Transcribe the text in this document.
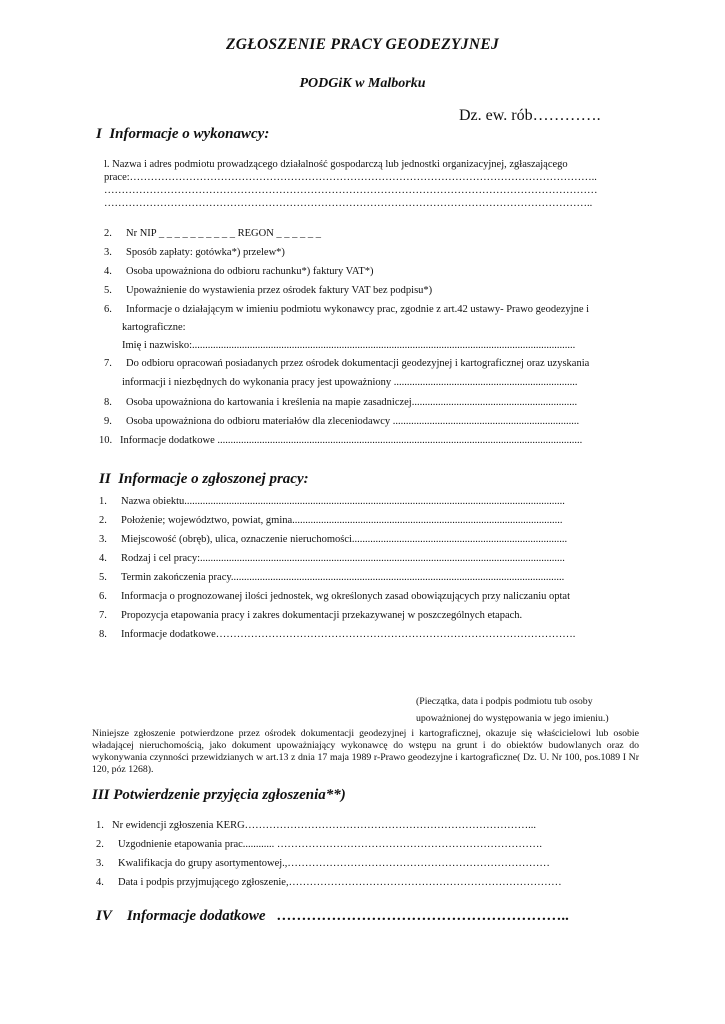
ZGŁOSZENIE PRACY GEODEZYJNEJ
PODGiK w Malborku
Dz. ew. rób………….
I Informacje o wykonawcy:
l. Nazwa i adres podmiotu prowadzącego działalność gospodarczą lub jednostki organizacyjnej, zgłaszającego
prace:……………………………………………………………………………………………………………………..
……………………………………………………………………………………………………………………………
…………………………………………………………………………………………………………………………..
2. Nr NIP _ _ _ _ _ _ _ _ _ _ REGON _ _ _ _ _ _
3. Sposób zapłaty: gotówka*) przelew*)
4. Osoba upoważniona do odbioru rachunku*) faktury VAT*)
5. Upoważnienie do wystawienia przez ośrodek faktury VAT bez podpisu*)
6. Informacje o działającym w imieniu podmiotu wykonawcy prac, zgodnie z art.42 ustawy- Prawo geodezyjne i
kartograficzne:
Imię i nazwisko:..................................................................................................................................................
7. Do odbioru opracowań posiadanych przez ośrodek dokumentacji geodezyjnej i kartograficznej oraz uzyskania
informacji i niezbędnych do wykonania pracy jest upoważniony ......................................................................
8. Osoba upoważniona do kartowania i kreślenia na mapie zasadniczej...............................................................
9. Osoba upoważniona do odbioru materiałów dla zleceniodawcy .......................................................................
10. Informacje dodatkowe ...........................................................................................................................................
II Informacje o zgłoszonej pracy:
1. Nazwa obiektu.................................................................................................................................................
2. Położenie; województwo, powiat, gmina.......................................................................................................
3. Miejscowość (obręb), ulica, oznaczenie nieruchomości..................................................................................
4. Rodzaj i cel pracy:...........................................................................................................................................
5. Termin zakończenia pracy...............................................................................................................................
6. Informacja o prognozowanej ilości jednostek, wg określonych zasad obowiązujących przy naliczaniu optat
7. Propozycja etapowania pracy i zakres dokumentacji przekazywanej w poszczególnych etapach.
8. Informacje dodatkowe………………………………………………………………………………………….
(Pieczątka, data i podpis podmiotu tub osoby
upoważnionej do występowania w jego imieniu.)
Niniejsze zgłoszenie potwierdzone przez ośrodek dokumentacji geodezyjnej i kartograficznej, okazuje się właścicielowi lub osobie władającej nieruchomością, jako dokument upoważniający wykonawcę do wstępu na grunt i do obiektów budowlanych oraz do wykonywania czynności przewidzianych w art.13 z dnia 17 maja 1989 r-Prawo geodezyjne i kartograficzne( Dz. U. Nr 100, pos.1089 I Nr 120, póz 1268).
III Potwierdzenie przyjęcia zgłoszenia**)
1. Nr ewidencji zgłoszenia KERG………………………………………………………………………...
2. Uzgodnienie etapowania prac............ ………………………………………………………………….
3. Kwalifikacja do grupy asortymentowej.,…………………………………………………………………
4. Data i podpis przyjmującego zgłoszenie,……………………………………………………………………
IV Informacje dodatkowe …………………………………………………..
